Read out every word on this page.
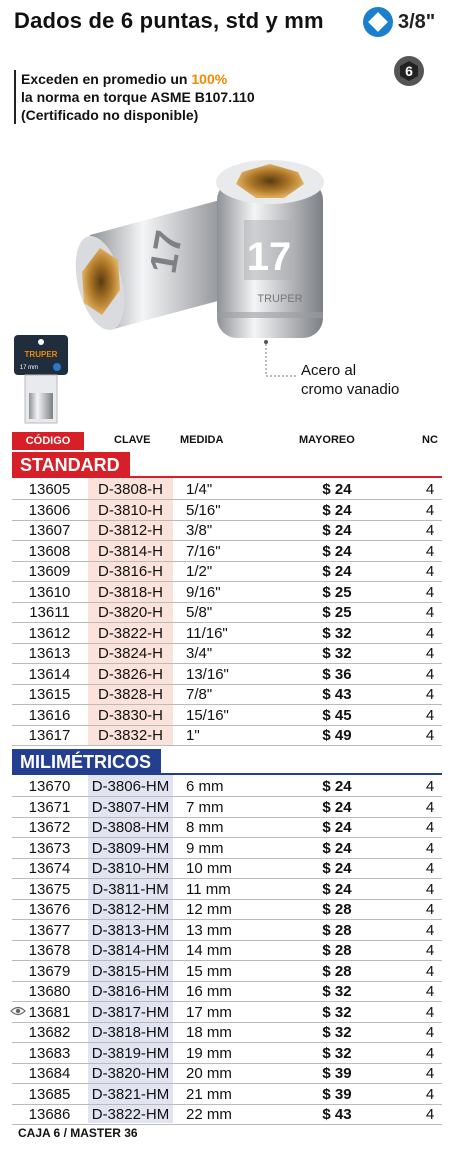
Dados de 6 puntas, std y mm	3/8"
6
Exceden en promedio un 100%
la norma en torque ASME B107.110
(Certificado no disponible)
17 17
TRUPER
TRUPER
17 mm	Acero al
cromo vanadio
CÓDIGO	CLAVE	MEDIDA	MAYOREO	NC
STANDARD
13605	D-3808-H	1/4"	$ 24	4
13606	D-3810-H	5/16"	$ 24	4
13607	D-3812-H	3/8"	$ 24	4
13608	D-3814-H	7/16"	$ 24	4
13609	D-3816-H	1/2"	$ 24	4
13610	D-3818-H	9/16"	$ 25	4
13611	D-3820-H	5/8"	$ 25	4
13612	D-3822-H	11/16"	$ 32	4
13613	D-3824-H	3/4"	$ 32	4
13614	D-3826-H	13/16"	$ 36	4
13615	D-3828-H	7/8"	$ 43	4
13616	D-3830-H	15/16"	$ 45	4
13617	D-3832-H	1"	$ 49	4
MILIMÉTRICOS
13670	D-3806-HM 6 mm	$ 24	4
13671	D-3807-HM 7 mm	$ 24	4
13672	D-3808-HM 8 mm	$ 24	4
13673	D-3809-HM 9 mm	$ 24	4
13674	D-3810-HM 10 mm	$ 24	4
13675	D-3811-HM 11 mm	$ 24	4
13676	D-3812-HM 12 mm	$ 28	4
13677	D-3813-HM 13 mm	$ 28	4
13678	D-3814-HM 14 mm	$ 28	4
13679	D-3815-HM 15 mm	$ 28	4
13680	D-3816-HM 16 mm	$ 32	4
13681	D-3817-HM 17 mm	$ 32	4
13682	D-3818-HM 18 mm	$ 32	4
13683	D-3819-HM 19 mm	$ 32	4
13684	D-3820-HM 20 mm	$ 39	4
13685	D-3821-HM 21 mm	$ 39	4
13686	D-3822-HM 22 mm	$ 43	4
CAJA 6 / MASTER 36
